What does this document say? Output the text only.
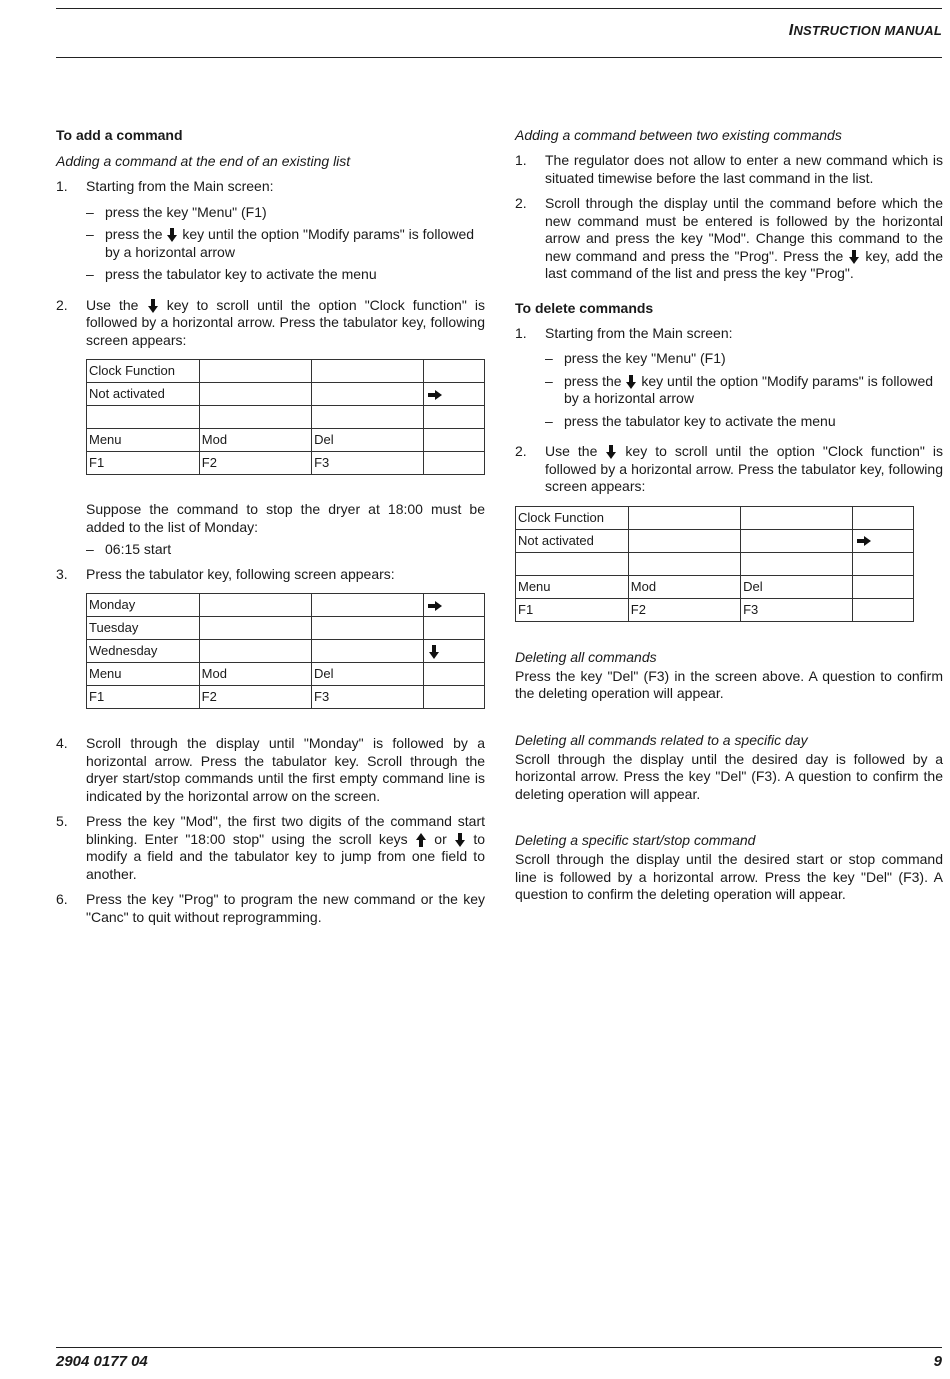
INSTRUCTION MANUAL
To add a command

Adding a command at the end of an existing list

1.	Starting from the Main screen:
– press the key "Menu" (F1)
– press the key until the option "Modify params" is followed by a horizontal arrow
– press the tabulator key to activate the menu
2.	Use the key to scroll until the option "Clock function" is followed by a horizontal arrow. Press the tabulator key, following screen appears:
Clock Function			
Not activated			

Menu	Mod	Del	
F1	F2	F3	

Suppose the command to stop the dryer at 18:00 must be added to the list of Monday:

– 06:15 start
3.	Press the tabulator key, following screen appears:
Monday			
Tuesday			
Wednesday			
Menu	Mod	Del	
F1	F2	F3	
4.	Scroll through the display until "Monday" is followed by a horizontal arrow. Press the tabulator key. Scroll through the dryer start/stop commands until the first empty command line is indicated by the horizontal arrow on the screen.
5.	Press the key "Mod", the first two digits of the command start blinking. Enter "18:00 stop" using the scroll keys or to modify a field and the tabulator key to jump from one field to another.
6.	Press the key "Prog" to program the new command or the key "Canc" to quit without reprogramming.

Adding a command between two existing commands

1.	The regulator does not allow to enter a new command which is situated timewise before the last command in the list.
2.	Scroll through the display until the command before which the new command must be entered is followed by the horizontal arrow and press the key "Mod". Change this command to the new command and press the "Prog". Press the key, add the last command of the list and press the key "Prog".
To delete commands
1.	Starting from the Main screen:
– press the key "Menu" (F1)
– press the key until the option "Modify params" is followed by a horizontal arrow
– press the tabulator key to activate the menu
2.	Use the key to scroll until the option "Clock function" is followed by a horizontal arrow. Press the tabulator key, following screen appears:
Clock Function			
Not activated			

Menu	Mod	Del	
F1	F2	F3	

Deleting all commands

Press the key "Del" (F3) in the screen above. A question to confirm the deleting operation will appear.

Deleting all commands related to a specific day

Scroll through the display until the desired day is followed by a horizontal arrow. Press the key "Del" (F3). A question to confirm the deleting operation will appear.

Deleting a specific start/stop command

Scroll through the display until the desired start or stop command line is followed by a horizontal arrow. Press the key "Del" (F3). A question to confirm the deleting operation will appear.

2904 0177 04	9
